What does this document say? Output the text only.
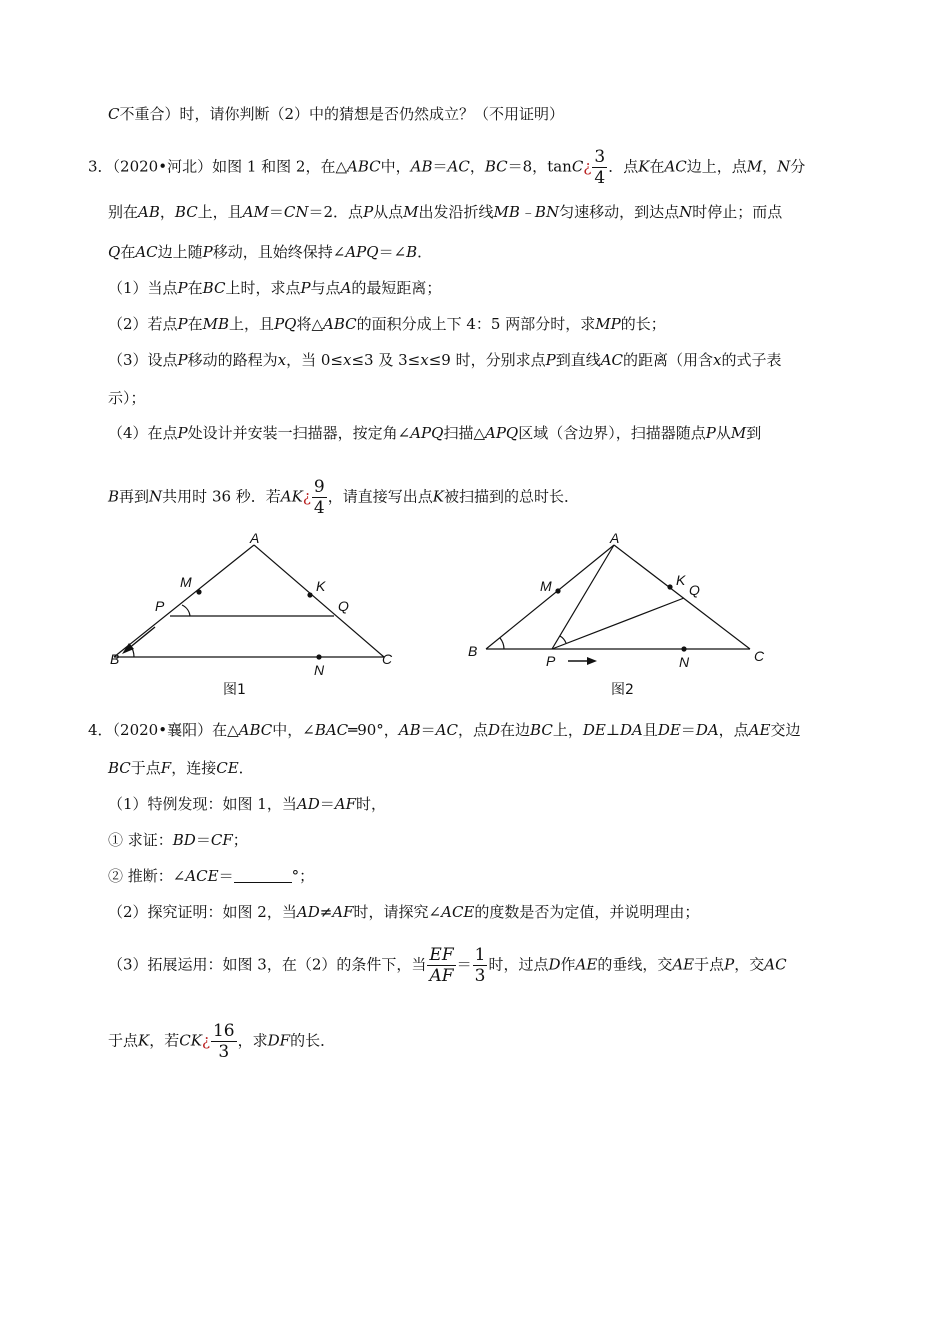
C不重合）时，请你判断（2）中的猜想是否仍然成立？（不用证明）
3．（2020•河北）如图 1 和图 2，在△ABC中，AB＝AC，BC＝8，tanC¿ $\frac{3}{4}$ ．点K在AC边上，点M，N分
别在AB，BC上，且AM＝CN＝2．点P从点M出发沿折线MB﹣BN匀速移动，到达点N时停止；而点
Q在AC边上随P移动，且始终保持∠APQ＝∠B．
（1）当点P在BC上时，求点P与点A的最短距离；
（2）若点P在MB上，且PQ将△ABC的面积分成上下 4：5 两部分时，求MP的长；
（3）设点P移动的路程为x，当 0≤x≤3 及 3≤x≤9 时，分别求点P到直线AC的距离（用含x的式子表
示）；
（4）在点P处设计并安装一扫描器，按定角∠APQ扫描△APQ区域（含边界），扫描器随点P从M到
B再到N共用时 36 秒．若AK¿ $\frac{9}{4}$ ，请直接写出点K被扫描到的总时长．
A
M	K
P	Q
B
N
C
图1
A
M	K
Q
B
P	N	C
图2
4．（2020•襄阳）在△ABC中，∠BAC═90°，AB＝AC，点D在边BC上，DE⊥DA且DE＝DA，点AE交边
BC于点F，连接CE．
（1）特例发现：如图 1，当AD＝AF时，
① 求证：BD＝CF；
② 推断：∠ACE＝	°；
（2）探究证明：如图 2，当AD≠AF时，请探究∠ACE的度数是否为定值，并说明理由；
（3）拓展运用：如图 3，在（2）的条件下，当 $\frac{EF}{AF} = \frac{1}{3}$ 时，过点D作AE的垂线，交AE于点P，交AC
于点K，若CK¿ $\frac{16}{3}$ ，求DF的长．
